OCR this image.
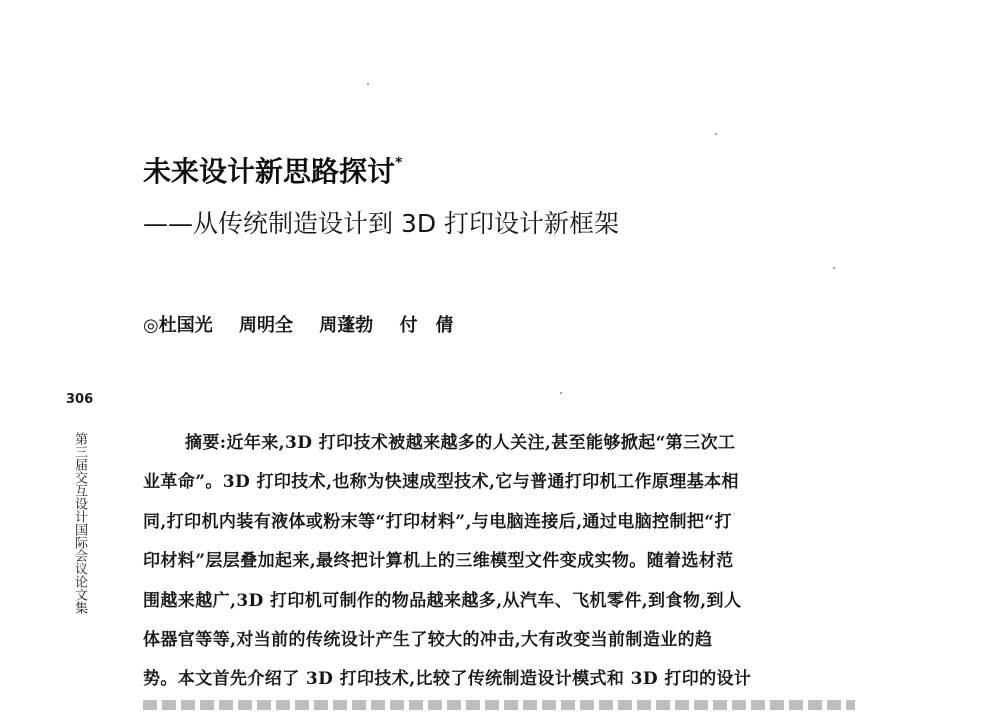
306
第三届交互设计国际会议论文集
未来设计新思路探讨*
——从传统制造设计到 3D 打印设计新框架
◎杜国光 周明全 周蓬勃 付　倩
摘要:近年来,3D 打印技术被越来越多的人关注,甚至能够掀起“第三次工
业革命”。3D 打印技术,也称为快速成型技术,它与普通打印机工作原理基本相
同,打印机内装有液体或粉末等“打印材料”,与电脑连接后,通过电脑控制把“打
印材料”层层叠加起来,最终把计算机上的三维模型文件变成实物。随着选材范
围越来越广,3D 打印机可制作的物品越来越多,从汽车、飞机零件,到食物,到人
体器官等等,对当前的传统设计产生了较大的冲击,大有改变当前制造业的趋
势。本文首先介绍了 3D 打印技术,比较了传统制造设计模式和 3D 打印的设计
